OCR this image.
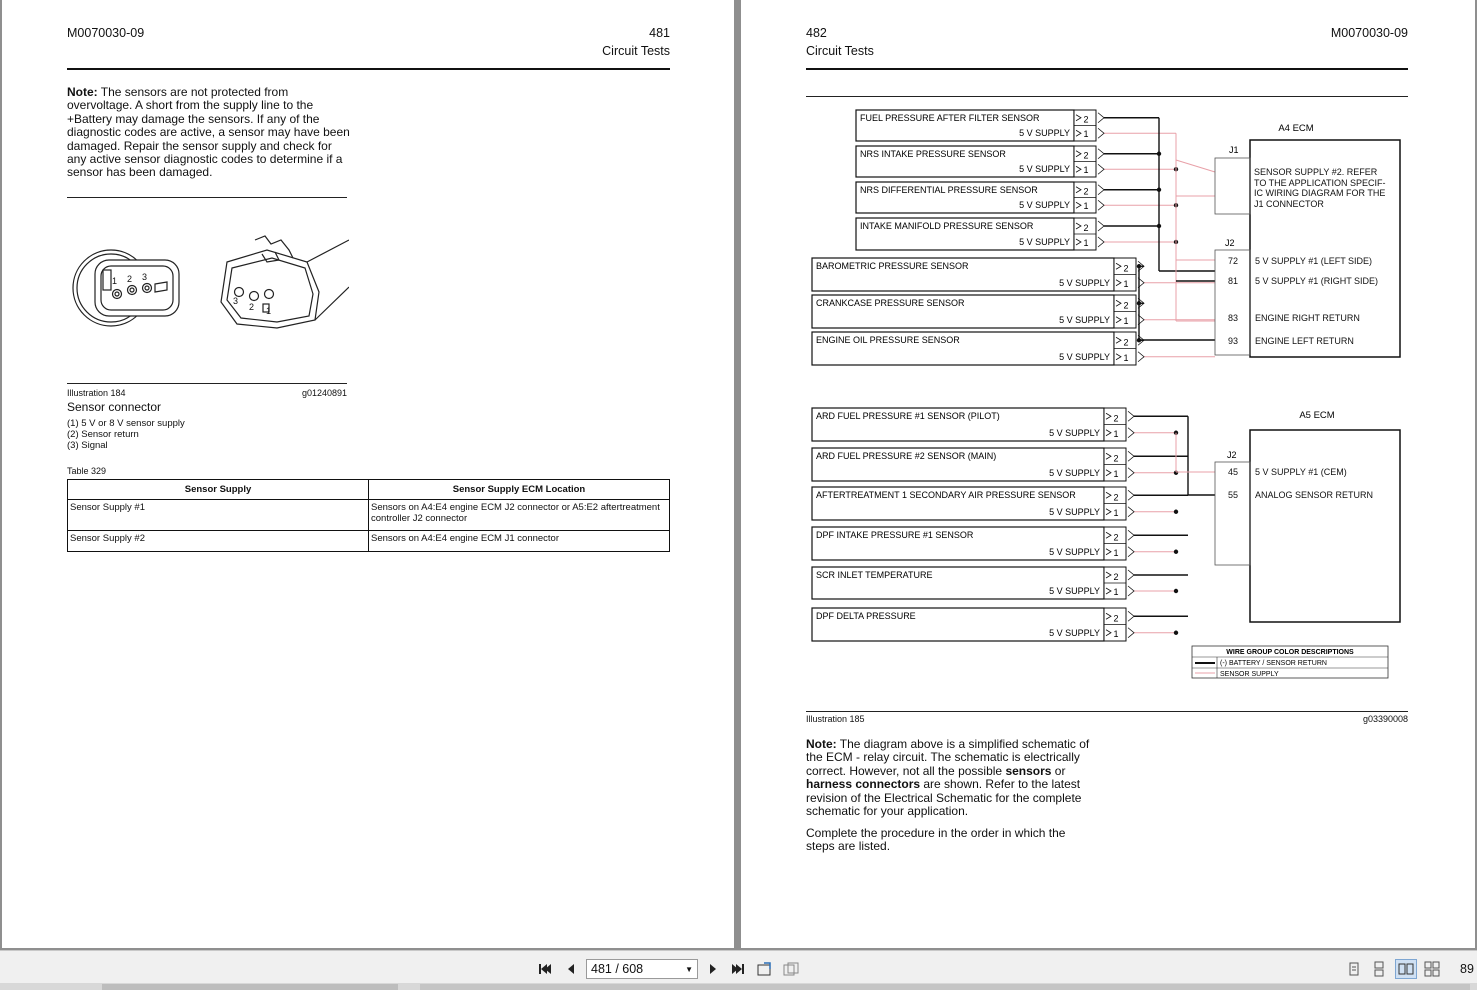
M0070030-09	481
Circuit Tests
Note: The sensors are not protected from
overvoltage. A short from the supply line to the
+Battery may damage the sensors. If any of the
diagnostic codes are active, a sensor may have been
damaged. Repair the sensor supply and check for
any active sensor diagnostic codes to determine if a
sensor has been damaged.
1 2 3
1
2
3
Illustration 184	g01240891
Sensor connector
(1) 5 V or 8 V sensor supply
(2) Sensor return
(3) Signal
Table 329
Sensor Supply	Sensor Supply ECM Location
Sensor Supply #1	Sensors on A4:E4 engine ECM J2 connector or A5:E2 aftertreatment controller J2 connector
Sensor Supply #2	Sensors on A4:E4 engine ECM J1 connector
482	M0070030-09
Circuit Tests
FUEL PRESSURE AFTER FILTER SENSOR
5 V SUPPLY
2
1
NRS INTAKE PRESSURE SENSOR
5 V SUPPLY
2
1
NRS DIFFERENTIAL PRESSURE SENSOR
5 V SUPPLY
2
1
INTAKE MANIFOLD PRESSURE SENSOR
5 V SUPPLY
2
1
BAROMETRIC PRESSURE SENSOR
5 V SUPPLY
2
1
CRANKCASE PRESSURE SENSOR
5 V SUPPLY
2
1
ENGINE OIL PRESSURE SENSOR
5 V SUPPLY
2
1
ARD FUEL PRESSURE #1 SENSOR (PILOT)
5 V SUPPLY
2
1
ARD FUEL PRESSURE #2 SENSOR (MAIN)
5 V SUPPLY
2
1
AFTERTREATMENT 1 SECONDARY AIR PRESSURE SENSOR
5 V SUPPLY
2
1
DPF INTAKE PRESSURE #1 SENSOR
5 V SUPPLY
2
1
SCR INLET TEMPERATURE
5 V SUPPLY
2
1
DPF DELTA PRESSURE
5 V SUPPLY
2
1
A4 ECM
J1
SENSOR SUPPLY #2. REFER
TO THE APPLICATION SPECIF-
IC WIRING DIAGRAM FOR THE
J1 CONNECTOR
J2
72 5 V SUPPLY #1 (LEFT SIDE)
81 5 V SUPPLY #1 (RIGHT SIDE)
83 ENGINE RIGHT RETURN
93 ENGINE LEFT RETURN
A5 ECM
J2
45 5 V SUPPLY #1 (CEM)
55 ANALOG SENSOR RETURN
WIRE GROUP COLOR DESCRIPTIONS
(-) BATTERY / SENSOR RETURN
SENSOR SUPPLY
Illustration 185	g03390008
Note: The diagram above is a simplified schematic of
the ECM - relay circuit. The schematic is electrically
correct. However, not all the possible sensors or
harness connectors are shown. Refer to the latest
revision of the Electrical Schematic for the complete
schematic for your application.
Complete the procedure in the order in which the
steps are listed.
481 / 608	▼	89
